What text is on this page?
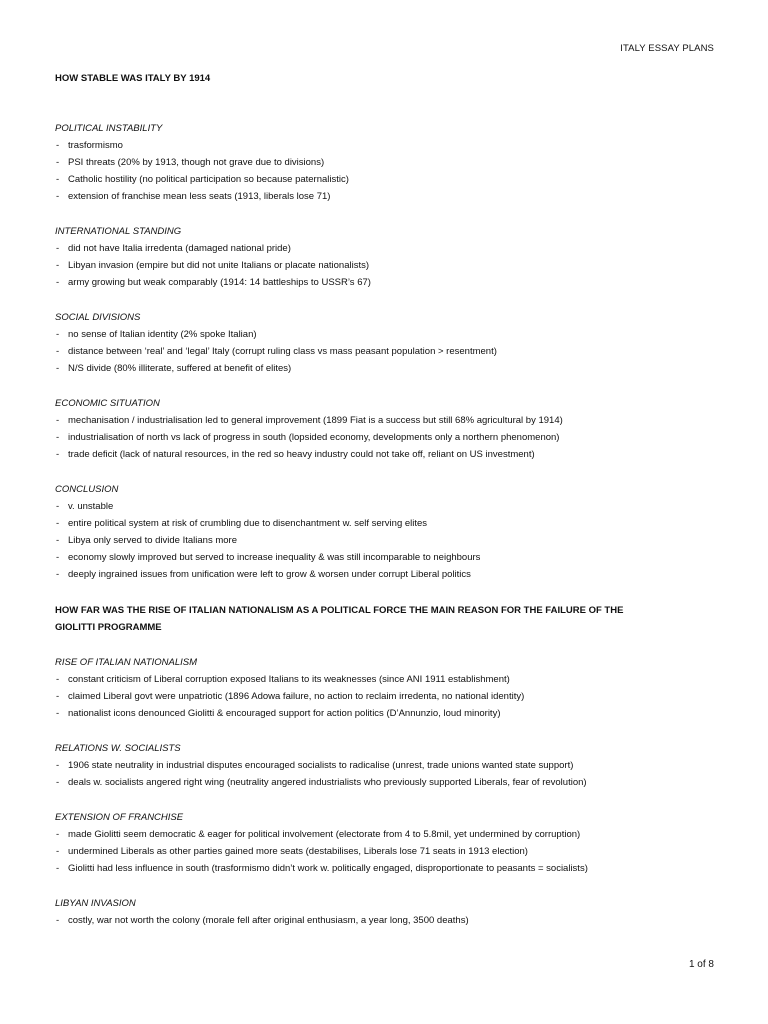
ITALY ESSAY PLANS

HOW STABLE WAS ITALY BY 1914

POLITICAL INSTABILITY

- trasformismo
- PSI threats (20% by 1913, though not grave due to divisions)
- Catholic hostility (no political participation so because paternalistic)
- extension of franchise mean less seats (1913, liberals lose 71)

INTERNATIONAL STANDING

- did not have Italia irredenta (damaged national pride)
- Libyan invasion (empire but did not unite Italians or placate nationalists)
- army growing but weak comparably (1914: 14 battleships to USSR’s 67)

SOCIAL DIVISIONS

- no sense of Italian identity (2% spoke Italian)
- distance between ‘real’ and ‘legal’ Italy (corrupt ruling class vs mass peasant population > resentment)
- N/S divide (80% illiterate, suffered at benefit of elites)

ECONOMIC SITUATION

- mechanisation / industrialisation led to general improvement (1899 Fiat is a success but still 68% agricultural by 1914)
- industrialisation of north vs lack of progress in south (lopsided economy, developments only a northern phenomenon)
- trade deficit (lack of natural resources, in the red so heavy industry could not take off, reliant on US investment)

CONCLUSION

- v. unstable
- entire political system at risk of crumbling due to disenchantment w. self serving elites
- Libya only served to divide Italians more
- economy slowly improved but served to increase inequality & was still incomparable to neighbours
- deeply ingrained issues from unification were left to grow & worsen under corrupt Liberal politics

HOW FAR WAS THE RISE OF ITALIAN NATIONALISM AS A POLITICAL FORCE THE MAIN REASON FOR THE FAILURE OF THE

GIOLITTI PROGRAMME

RISE OF ITALIAN NATIONALISM

- constant criticism of Liberal corruption exposed Italians to its weaknesses (since ANI 1911 establishment)
- claimed Liberal govt were unpatriotic (1896 Adowa failure, no action to reclaim irredenta, no national identity)
- nationalist icons denounced Giolitti & encouraged support for action politics (D’Annunzio, loud minority)

RELATIONS W. SOCIALISTS

- 1906 state neutrality in industrial disputes encouraged socialists to radicalise (unrest, trade unions wanted state support)
- deals w. socialists angered right wing (neutrality angered industrialists who previously supported Liberals, fear of revolution)

EXTENSION OF FRANCHISE

- made Giolitti seem democratic & eager for political involvement (electorate from 4 to 5.8mil, yet undermined by corruption)
- undermined Liberals as other parties gained more seats (destabilises, Liberals lose 71 seats in 1913 election)
- Giolitti had less influence in south (trasformismo didn’t work w. politically engaged, disproportionate to peasants = socialists)

LIBYAN INVASION

- costly, war not worth the colony (morale fell after original enthusiasm, a year long, 3500 deaths)
1 of 8
